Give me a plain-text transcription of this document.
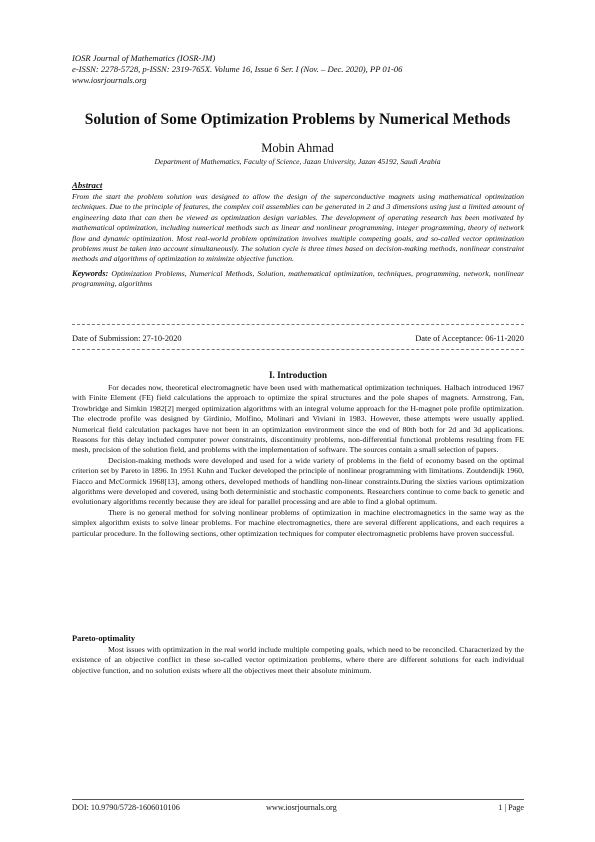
IOSR Journal of Mathematics (IOSR-JM)
e-ISSN: 2278-5728, p-ISSN: 2319-765X. Volume 16, Issue 6 Ser. I (Nov. – Dec. 2020), PP 01-06
www.iosrjournals.org
Solution of Some Optimization Problems by Numerical Methods
Mobin Ahmad
Department of Mathematics, Faculty of Science, Jazan University, Jazan 45192, Saudi Arabia
Abstract

From the start the problem solution was designed to allow the design of the superconductive magnets using mathematical optimization techniques. Due to the principle of features, the complex coil assemblies can be generated in 2 and 3 dimensions using just a limited amount of engineering data that can then be viewed as optimization design variables. The development of operating research has been motivated by mathematical optimization, including numerical methods such as linear and nonlinear programming, integer programming, theory of network flow and dynamic optimization. Most real-world problem optimization involves multiple competing goals, and so-called vector optimization problems must be taken into account simultaneously. The solution cycle is three times based on decision-making methods, nonlinear constraint methods and algorithms of optimization to minimize objective function.

Keywords: Optimization Problems, Numerical Methods, Solution, mathematical optimization, techniques, programming, network, nonlinear programming, algorithms

Date of Submission: 27-10-2020	Date of Acceptance: 06-11-2020
I. Introduction

For decades now, theoretical electromagnetic have been used with mathematical optimization techniques. Halbach introduced 1967 with Finite Element (FE) field calculations the approach to optimize the spiral structures and the pole shapes of magnets. Armstrong, Fan, Trowbridge and Simkin 1982[2] merged optimization algorithms with an integral volume approach for the H-magnet pole profile optimization. The electrode profile was designed by Girdinio, Molfino, Molinari and Viviani in 1983. However, these attempts were usually applied. Numerical field calculation packages have not been in an optimization environment since the end of 80th both for 2d and 3d applications. Reasons for this delay included computer power constraints, discontinuity problems, non-differential functional problems resulting from FE mesh, precision of the solution field, and problems with the implementation of software. The sources contain a small selection of papers.

Decision-making methods were developed and used for a wide variety of problems in the field of economy based on the optimal criterion set by Pareto in 1896. In 1951 Kuhn and Tucker developed the principle of nonlinear programming with limitations. Zoutdendijk 1960, Fiacco and McCormick 1968[13], among others, developed methods of handling non-linear constraints.During the sixties various optimization algorithms were developed and covered, using both deterministic and stochastic components. Researchers continue to come back to genetic and evolutionary algorithms recently because they are ideal for parallel processing and are able to find a global optimum.

There is no general method for solving nonlinear problems of optimization in machine electromagnetics in the same way as the simplex algorithm exists to solve linear problems. For machine electromagnetics, there are several different applications, and each requires a particular procedure. In the following sections, other optimization techniques for computer electromagnetic problems have proven successful.

Pareto-optimality

Most issues with optimization in the real world include multiple competing goals, which need to be reconciled. Characterized by the existence of an objective conflict in these so-called vector optimization problems, where there are different solutions for each individual objective function, and no solution exists where all the objectives meet their absolute minimum.

DOI: 10.9790/5728-1606010106	www.iosrjournals.org	1 | Page
